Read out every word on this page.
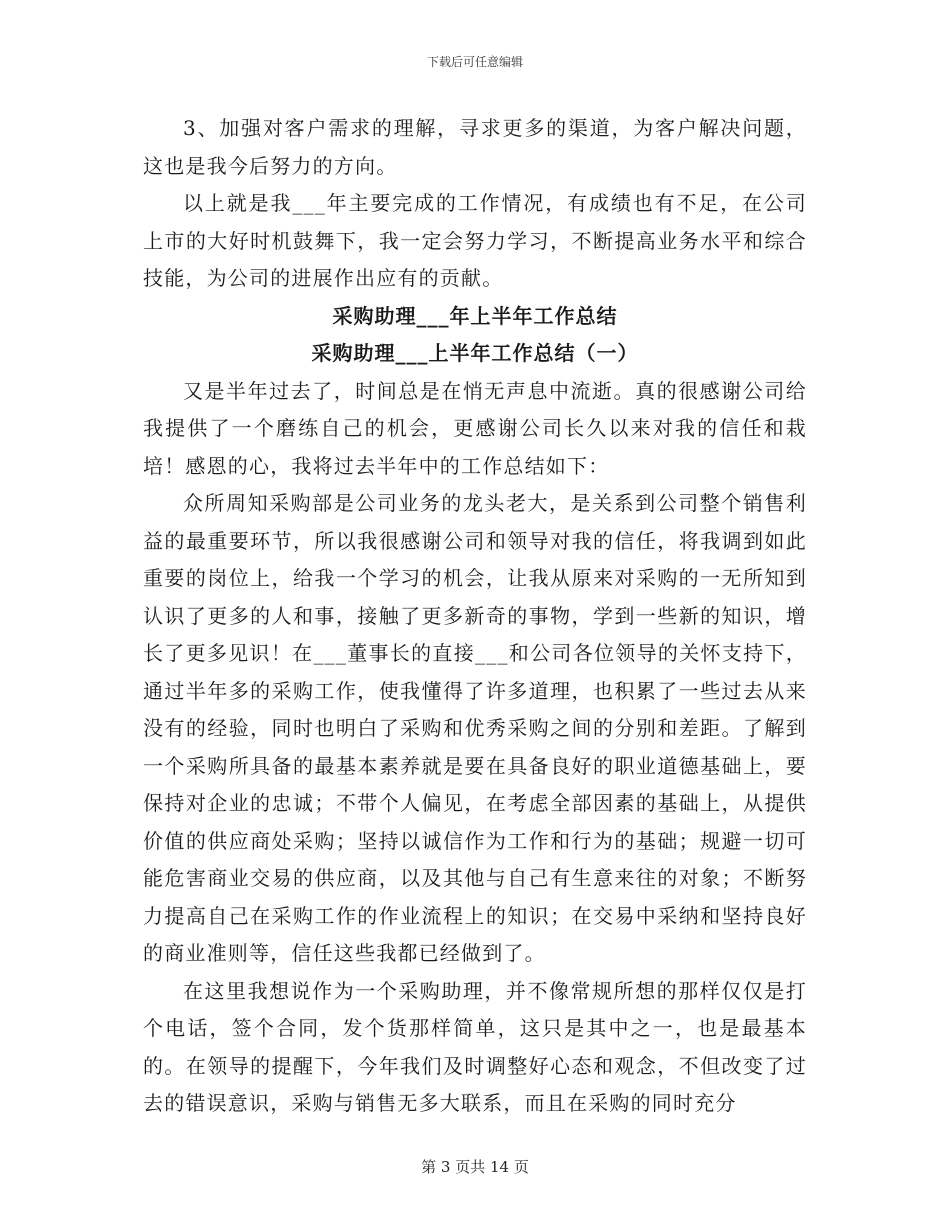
下载后可任意编辑

3、加强对客户需求的理解，寻求更多的渠道，为客户解决问题，这也是我今后努力的方向。

以上就是我___年主要完成的工作情况，有成绩也有不足，在公司上市的大好时机鼓舞下，我一定会努力学习，不断提高业务水平和综合技能，为公司的进展作出应有的贡献。

采购助理___年上半年工作总结

采购助理___上半年工作总结（一）

又是半年过去了，时间总是在悄无声息中流逝。真的很感谢公司给我提供了一个磨练自己的机会，更感谢公司长久以来对我的信任和栽培！感恩的心，我将过去半年中的工作总结如下：

众所周知采购部是公司业务的龙头老大，是关系到公司整个销售利益的最重要环节，所以我很感谢公司和领导对我的信任，将我调到如此重要的岗位上，给我一个学习的机会，让我从原来对采购的一无所知到认识了更多的人和事，接触了更多新奇的事物，学到一些新的知识，增长了更多见识！在___董事长的直接___和公司各位领导的关怀支持下，通过半年多的采购工作，使我懂得了许多道理，也积累了一些过去从来没有的经验，同时也明白了采购和优秀采购之间的分别和差距。了解到一个采购所具备的最基本素养就是要在具备良好的职业道德基础上，要保持对企业的忠诚；不带个人偏见，在考虑全部因素的基础上，从提供价值的供应商处采购；坚持以诚信作为工作和行为的基础；规避一切可能危害商业交易的供应商，以及其他与自己有生意来往的对象；不断努力提高自己在采购工作的作业流程上的知识；在交易中采纳和坚持良好的商业准则等，信任这些我都已经做到了。

在这里我想说作为一个采购助理，并不像常规所想的那样仅仅是打个电话，签个合同，发个货那样简单，这只是其中之一，也是最基本的。在领导的提醒下，今年我们及时调整好心态和观念，不但改变了过去的错误意识，采购与销售无多大联系，而且在采购的同时充分

第 3 页共 14 页
